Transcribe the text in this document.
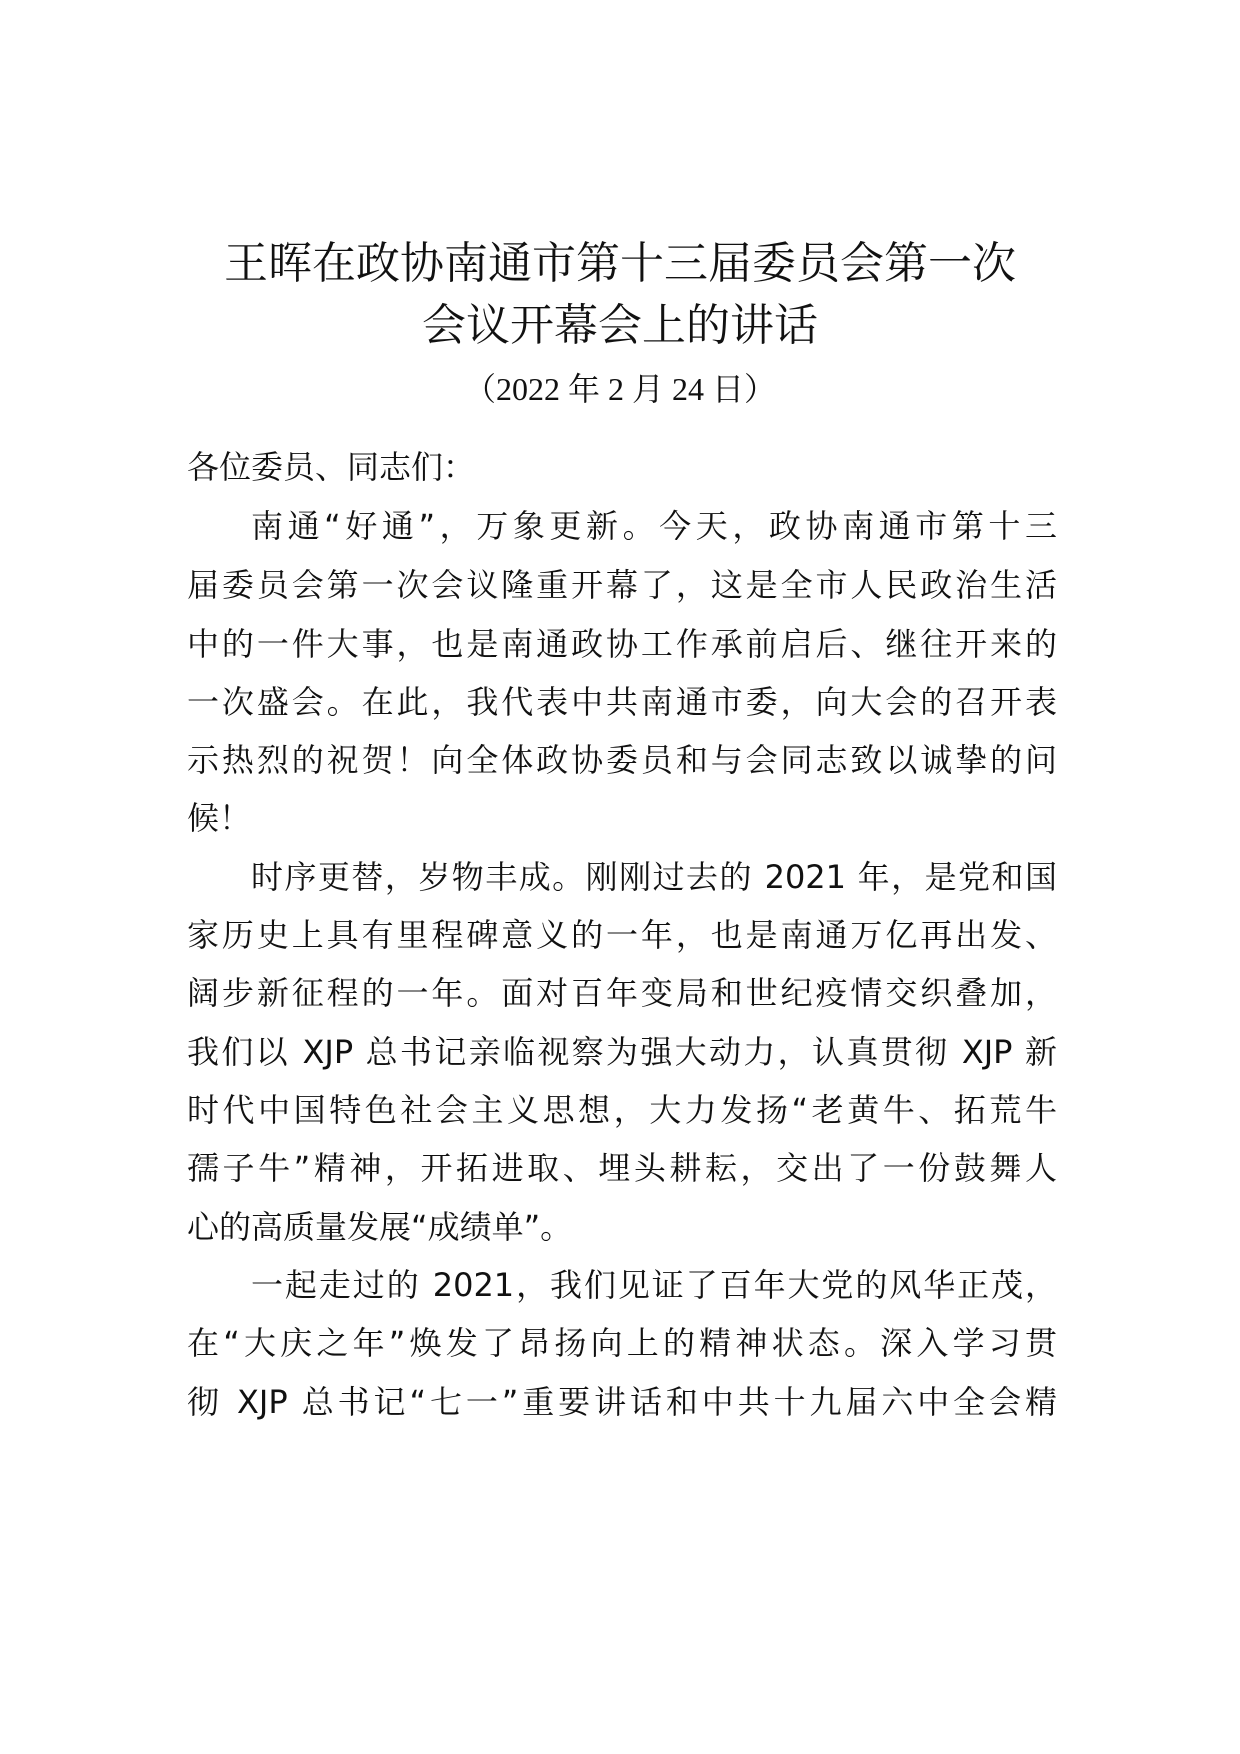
王晖在政协南通市第十三届委员会第一次
会议开幕会上的讲话
（2022 年 2 月 24 日）
各位委员、同志们：
南通“好通”，万象更新。今天，政协南通市第十三
届委员会第一次会议隆重开幕了，这是全市人民政治生活
中的一件大事，也是南通政协工作承前启后、继往开来的
一次盛会。在此，我代表中共南通市委，向大会的召开表
示热烈的祝贺！向全体政协委员和与会同志致以诚挚的问
候！
时序更替，岁物丰成。刚刚过去的 2021 年，是党和国
家历史上具有里程碑意义的一年，也是南通万亿再出发、
阔步新征程的一年。面对百年变局和世纪疫情交织叠加，
我们以 XJP 总书记亲临视察为强大动力，认真贯彻 XJP 新
时代中国特色社会主义思想，大力发扬“老黄牛、拓荒牛
孺子牛”精神，开拓进取、埋头耕耘，交出了一份鼓舞人
心的高质量发展“成绩单”。
一起走过的 2021，我们见证了百年大党的风华正茂，
在“大庆之年”焕发了昂扬向上的精神状态。深入学习贯
彻 XJP 总书记“七一”重要讲话和中共十九届六中全会精
